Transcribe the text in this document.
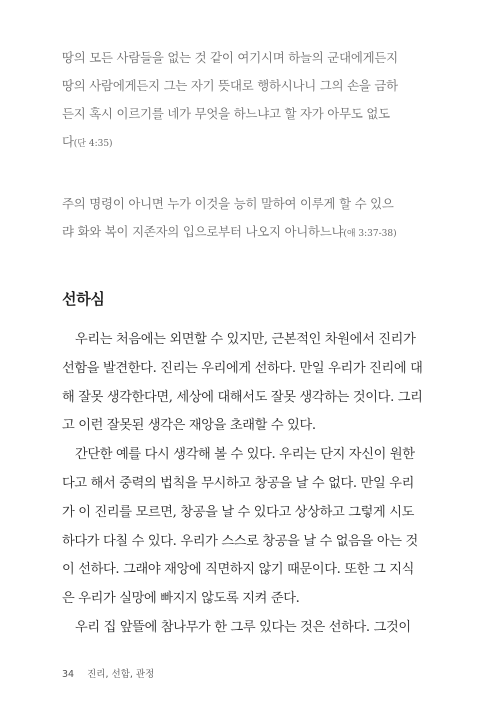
땅의 모든 사람들을 없는 것 같이 여기시며 하늘의 군대에게든지
땅의 사람에게든지 그는 자기 뜻대로 행하시나니 그의 손을 금하
든지 혹시 이르기를 네가 무엇을 하느냐고 할 자가 아무도 없도
다(단 4:35)
주의 명령이 아니면 누가 이것을 능히 말하여 이루게 할 수 있으
랴 화와 복이 지존자의 입으로부터 나오지 아니하느냐(애 3:37-38)
선하심
우리는 처음에는 외면할 수 있지만, 근본적인 차원에서 진리가
선함을 발견한다. 진리는 우리에게 선하다. 만일 우리가 진리에 대
해 잘못 생각한다면, 세상에 대해서도 잘못 생각하는 것이다. 그리
고 이런 잘못된 생각은 재앙을 초래할 수 있다.
간단한 예를 다시 생각해 볼 수 있다. 우리는 단지 자신이 원한
다고 해서 중력의 법칙을 무시하고 창공을 날 수 없다. 만일 우리
가 이 진리를 모르면, 창공을 날 수 있다고 상상하고 그렇게 시도
하다가 다칠 수 있다. 우리가 스스로 창공을 날 수 없음을 아는 것
이 선하다. 그래야 재앙에 직면하지 않기 때문이다. 또한 그 지식
은 우리가 실망에 빠지지 않도록 지켜 준다.
우리 집 앞뜰에 참나무가 한 그루 있다는 것은 선하다. 그것이
34 진리, 선함, 관정
